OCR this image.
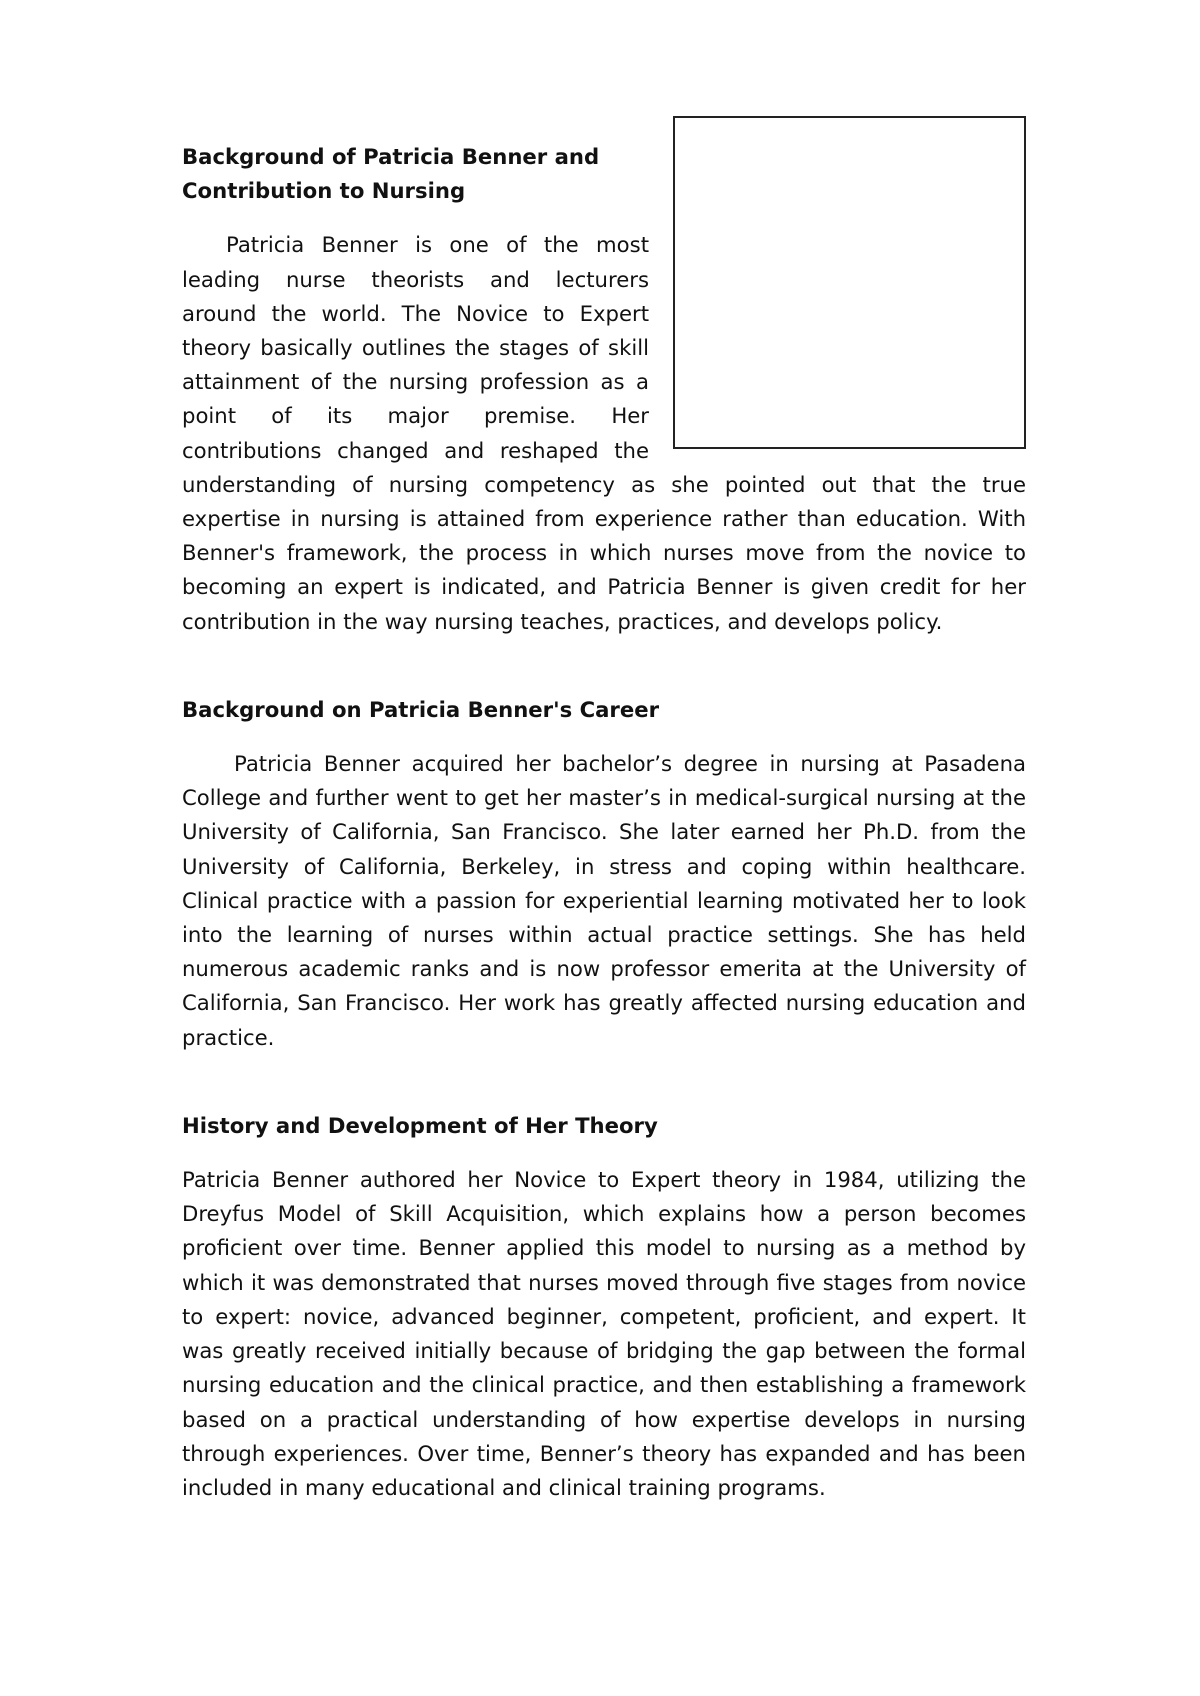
Background of Patricia Benner and
Contribution to Nursing

Patricia Benner is one of the most leading nurse theorists and lecturers around the world. The Novice to Expert theory basically outlines the stages of skill attainment of the nursing profession as a point of its major premise. Her contributions changed and reshaped the understanding of nursing competency as she pointed out that the true expertise in nursing is attained from experience rather than education. With Benner's framework, the process in which nurses move from the novice to becoming an expert is indicated, and Patricia Benner is given credit for her contribution in the way nursing teaches, practices, and develops policy.

Background on Patricia Benner's Career

Patricia Benner acquired her bachelor’s degree in nursing at Pasadena College and further went to get her master’s in medical-surgical nursing at the University of California, San Francisco. She later earned her Ph.D. from the University of California, Berkeley, in stress and coping within healthcare. Clinical practice with a passion for experiential learning motivated her to look into the learning of nurses within actual practice settings. She has held numerous academic ranks and is now professor emerita at the University of California, San Francisco. Her work has greatly affected nursing education and practice.

History and Development of Her Theory

Patricia Benner authored her Novice to Expert theory in 1984, utilizing the Dreyfus Model of Skill Acquisition, which explains how a person becomes proficient over time. Benner applied this model to nursing as a method by which it was demonstrated that nurses moved through five stages from novice to expert: novice, advanced beginner, competent, proficient, and expert. It was greatly received initially because of bridging the gap between the formal nursing education and the clinical practice, and then establishing a framework based on a practical understanding of how expertise develops in nursing through experiences. Over time, Benner’s theory has expanded and has been included in many educational and clinical training programs.
